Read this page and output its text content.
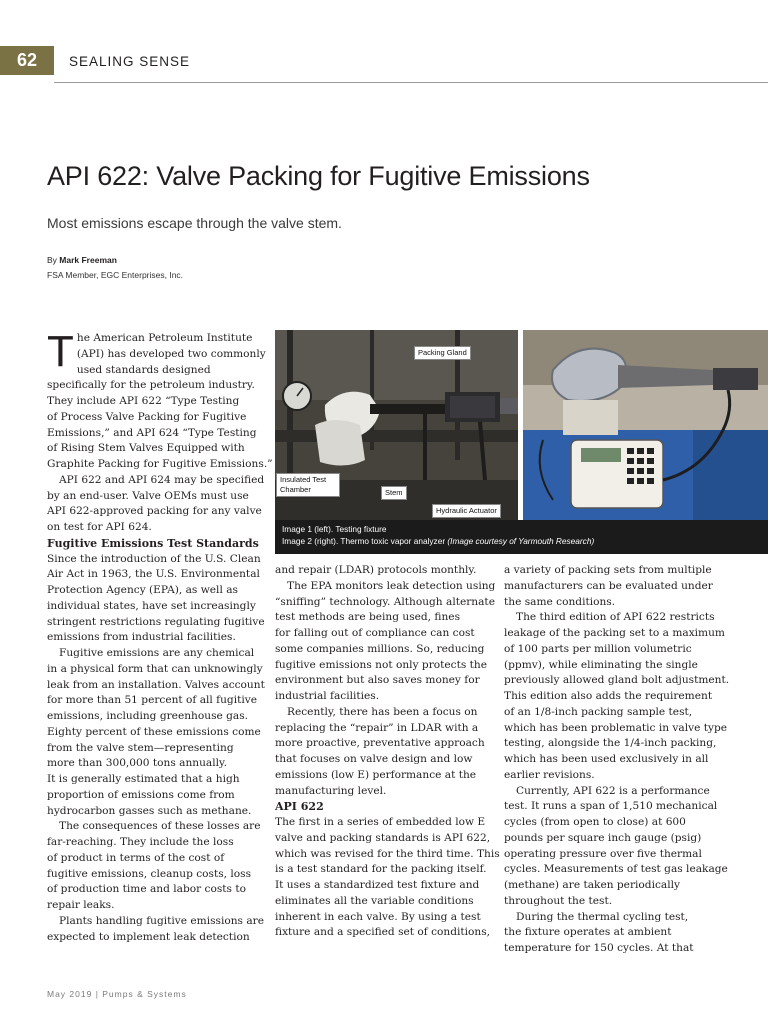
62	SEALING SENSE
API 622: Valve Packing for Fugitive Emissions
Most emissions escape through the valve stem.
By Mark Freeman
FSA Member, EGC Enterprises, Inc.

T he American Petroleum Institute
(API) has developed two commonly
used standards designed
specifically for the petroleum industry.
They include API 622 “Type Testing
of Process Valve Packing for Fugitive
Emissions,” and API 624 “Type Testing
of Rising Stem Valves Equipped with
Graphite Packing for Fugitive Emissions.”

API 622 and API 624 may be specified
by an end-user. Valve OEMs must use
API 622-approved packing for any valve
on test for API 624.

Fugitive Emissions Test Standards

Since the introduction of the U.S. Clean
Air Act in 1963, the U.S. Environmental
Protection Agency (EPA), as well as
individual states, have set increasingly
stringent restrictions regulating fugitive
emissions from industrial facilities.

Fugitive emissions are any chemical
in a physical form that can unknowingly
leak from an installation. Valves account
for more than 51 percent of all fugitive
emissions, including greenhouse gas.
Eighty percent of these emissions come
from the valve stem—representing
more than 300,000 tons annually.
It is generally estimated that a high
proportion of emissions come from
hydrocarbon gasses such as methane.

The consequences of these losses are
far-reaching. They include the loss
of product in terms of the cost of
fugitive emissions, cleanup costs, loss
of production time and labor costs to
repair leaks.

Plants handling fugitive emissions are
expected to implement leak detection

Packing Gland
Insulated Test Chamber	Stem
Hydraulic Actuator
Image 1 (left). Testing fixture
Image 2 (right). Thermo toxic vapor analyzer (Image courtesy of Yarmouth Research)

and repair (LDAR) protocols monthly.

The EPA monitors leak detection using
“sniffing” technology. Although alternate
test methods are being used, fines
for falling out of compliance can cost
some companies millions. So, reducing
fugitive emissions not only protects the
environment but also saves money for
industrial facilities.

Recently, there has been a focus on
replacing the “repair” in LDAR with a
more proactive, preventative approach
that focuses on valve design and low
emissions (low E) performance at the
manufacturing level.

API 622

The first in a series of embedded low E
valve and packing standards is API 622,
which was revised for the third time. This
is a test standard for the packing itself.
It uses a standardized test fixture and
eliminates all the variable conditions
inherent in each valve. By using a test
fixture and a specified set of conditions,

a variety of packing sets from multiple
manufacturers can be evaluated under
the same conditions.

The third edition of API 622 restricts
leakage of the packing set to a maximum
of 100 parts per million volumetric
(ppmv), while eliminating the single
previously allowed gland bolt adjustment.
This edition also adds the requirement
of an 1/8-inch packing sample test,
which has been problematic in valve type
testing, alongside the 1/4-inch packing,
which has been used exclusively in all
earlier revisions.

Currently, API 622 is a performance
test. It runs a span of 1,510 mechanical
cycles (from open to close) at 600
pounds per square inch gauge (psig)
operating pressure over five thermal
cycles. Measurements of test gas leakage
(methane) are taken periodically
throughout the test.

During the thermal cycling test,
the fixture operates at ambient
temperature for 150 cycles. At that

May 2019 | Pumps & Systems
